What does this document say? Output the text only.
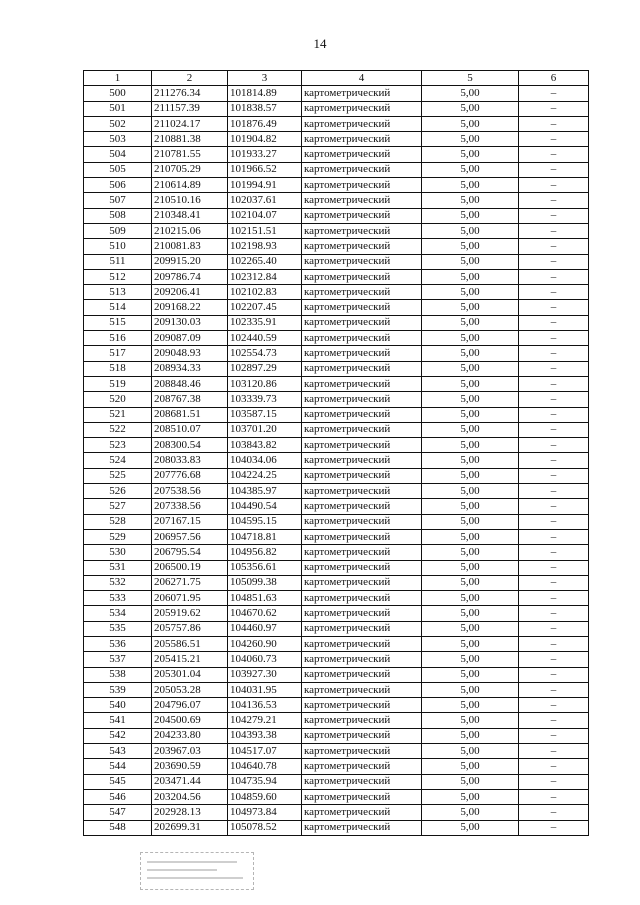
14
1	2	3	4	5	6
500	211276.34	101814.89	картометрический	5,00	–
501	211157.39	101838.57	картометрический	5,00	–
502	211024.17	101876.49	картометрический	5,00	–
503	210881.38	101904.82	картометрический	5,00	–
504	210781.55	101933.27	картометрический	5,00	–
505	210705.29	101966.52	картометрический	5,00	–
506	210614.89	101994.91	картометрический	5,00	–
507	210510.16	102037.61	картометрический	5,00	–
508	210348.41	102104.07	картометрический	5,00	–
509	210215.06	102151.51	картометрический	5,00	–
510	210081.83	102198.93	картометрический	5,00	–
511	209915.20	102265.40	картометрический	5,00	–
512	209786.74	102312.84	картометрический	5,00	–
513	209206.41	102102.83	картометрический	5,00	–
514	209168.22	102207.45	картометрический	5,00	–
515	209130.03	102335.91	картометрический	5,00	–
516	209087.09	102440.59	картометрический	5,00	–
517	209048.93	102554.73	картометрический	5,00	–
518	208934.33	102897.29	картометрический	5,00	–
519	208848.46	103120.86	картометрический	5,00	–
520	208767.38	103339.73	картометрический	5,00	–
521	208681.51	103587.15	картометрический	5,00	–
522	208510.07	103701.20	картометрический	5,00	–
523	208300.54	103843.82	картометрический	5,00	–
524	208033.83	104034.06	картометрический	5,00	–
525	207776.68	104224.25	картометрический	5,00	–
526	207538.56	104385.97	картометрический	5,00	–
527	207338.56	104490.54	картометрический	5,00	–
528	207167.15	104595.15	картометрический	5,00	–
529	206957.56	104718.81	картометрический	5,00	–
530	206795.54	104956.82	картометрический	5,00	–
531	206500.19	105356.61	картометрический	5,00	–
532	206271.75	105099.38	картометрический	5,00	–
533	206071.95	104851.63	картометрический	5,00	–
534	205919.62	104670.62	картометрический	5,00	–
535	205757.86	104460.97	картометрический	5,00	–
536	205586.51	104260.90	картометрический	5,00	–
537	205415.21	104060.73	картометрический	5,00	–
538	205301.04	103927.30	картометрический	5,00	–
539	205053.28	104031.95	картометрический	5,00	–
540	204796.07	104136.53	картометрический	5,00	–
541	204500.69	104279.21	картометрический	5,00	–
542	204233.80	104393.38	картометрический	5,00	–
543	203967.03	104517.07	картометрический	5,00	–
544	203690.59	104640.78	картометрический	5,00	–
545	203471.44	104735.94	картометрический	5,00	–
546	203204.56	104859.60	картометрический	5,00	–
547	202928.13	104973.84	картометрический	5,00	–
548	202699.31	105078.52	картометрический	5,00	–
